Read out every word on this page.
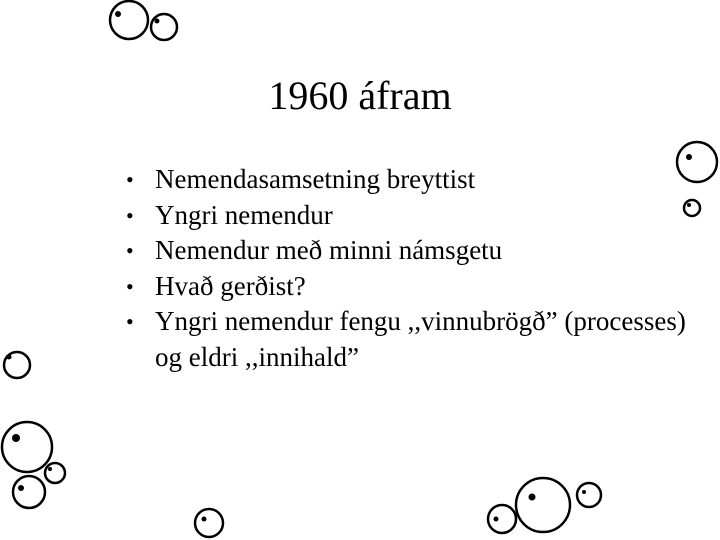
1960 áfram
• Nemendasamsetning breyttist
• Yngri nemendur
• Nemendur með minni námsgetu
• Hvað gerðist?
• Yngri nemendur fengu ,,vinnubrögð” (processes) og eldri ,,innihald”
